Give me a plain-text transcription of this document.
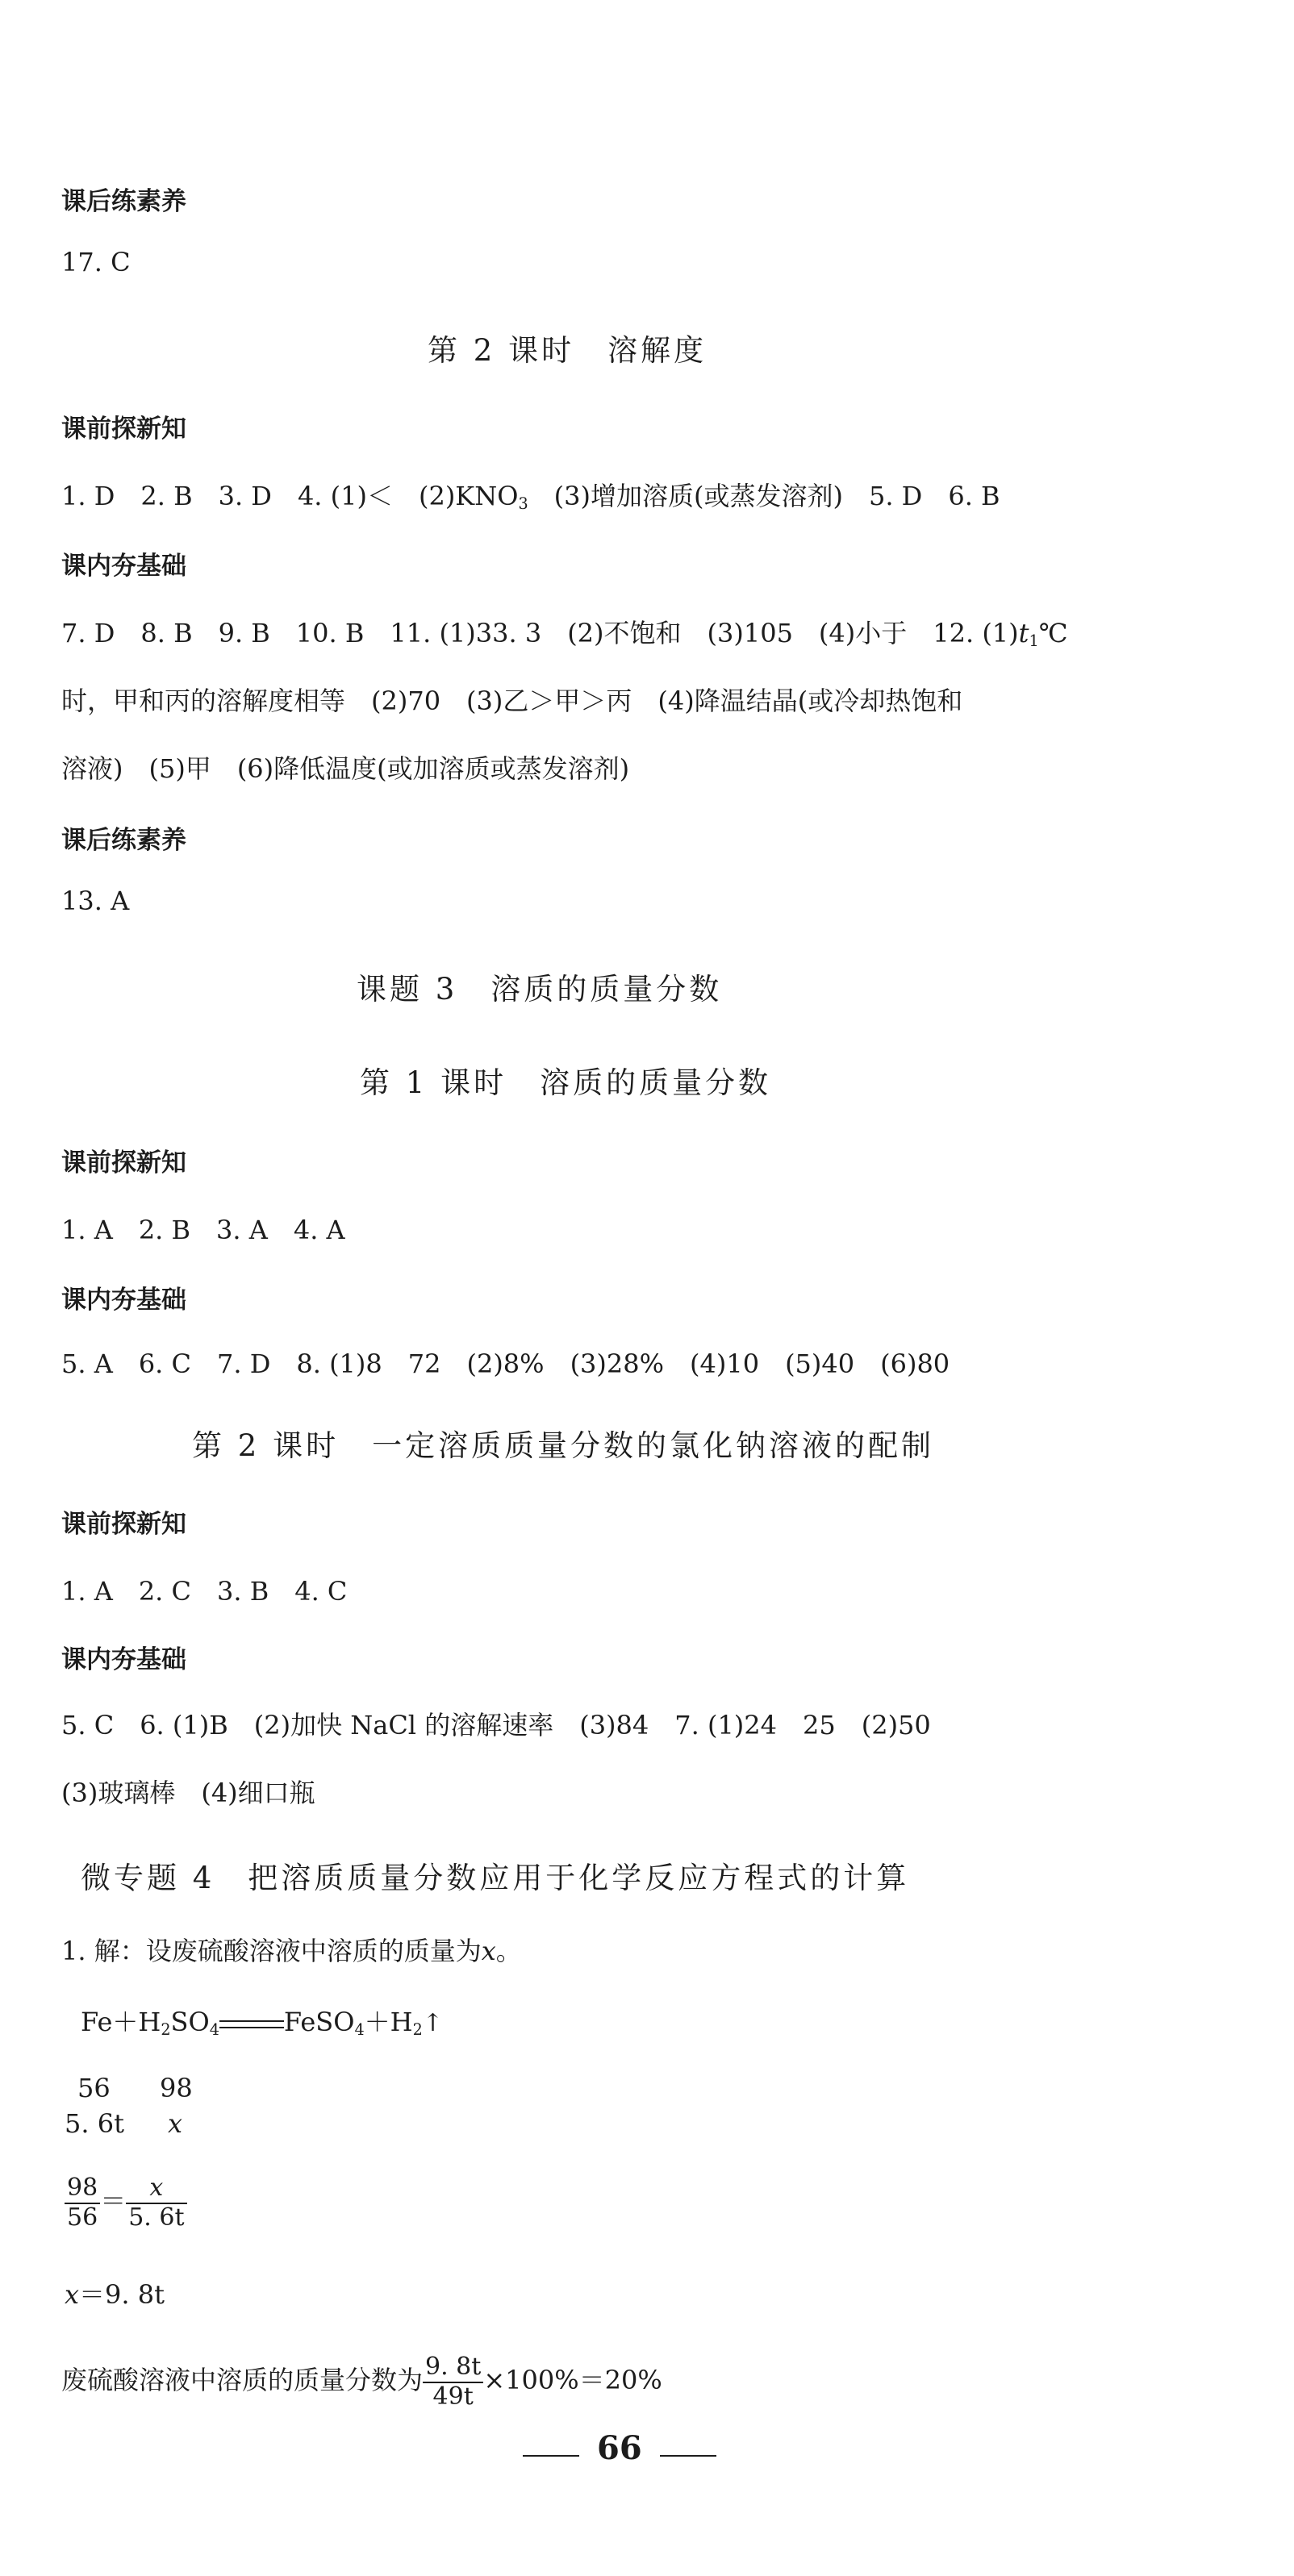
课后练素养
17. C
第 2 课时　溶解度
课前探新知
1. D　2. B　3. D　4. (1)＜　$(2)KNO_3$　(3)增加溶质(或蒸发溶剂)　5. D　6. B
课内夯基础
7. D　8. B　9. B　10. B　11. (1)33. 3　(2)不饱和　(3)105　(4)小于　12. $(1)t_1℃$
时，甲和丙的溶解度相等　(2)70　(3)乙＞甲＞丙　(4)降温结晶(或冷却热饱和
溶液)　(5)甲　(6)降低温度(或加溶质或蒸发溶剂)
课后练素养
13. A
课题 3　溶质的质量分数
第 1 课时　溶质的质量分数
课前探新知
1. A　2. B　3. A　4. A
课内夯基础
5. A　6. C　7. D　8. (1)8　72　(2)8%　(3)28%　(4)10　(5)40　(6)80
第 2 课时　一定溶质质量分数的氯化钠溶液的配制
课前探新知
1. A　2. C　3. B　4. C
课内夯基础
5. C　6. (1)B　(2)加快 NaCl 的溶解速率　(3)84　7. (1)24　25　(2)50
(3)玻璃棒　(4)细口瓶
微专题 4　把溶质质量分数应用于化学反应方程式的计算
1. 解：设废硫酸溶液中溶质的质量为x。
$Fe+H_2SO_4$	$FeSO_4+H_2↑$
56 98
5. 6t x
$\frac{98}{56} = \frac{x}{5. 6t}$
x＝9. 8t
废硫酸溶液中溶质的质量分数为 $\frac{9. 8t}{49t} \times 100\%=20\%$
66
